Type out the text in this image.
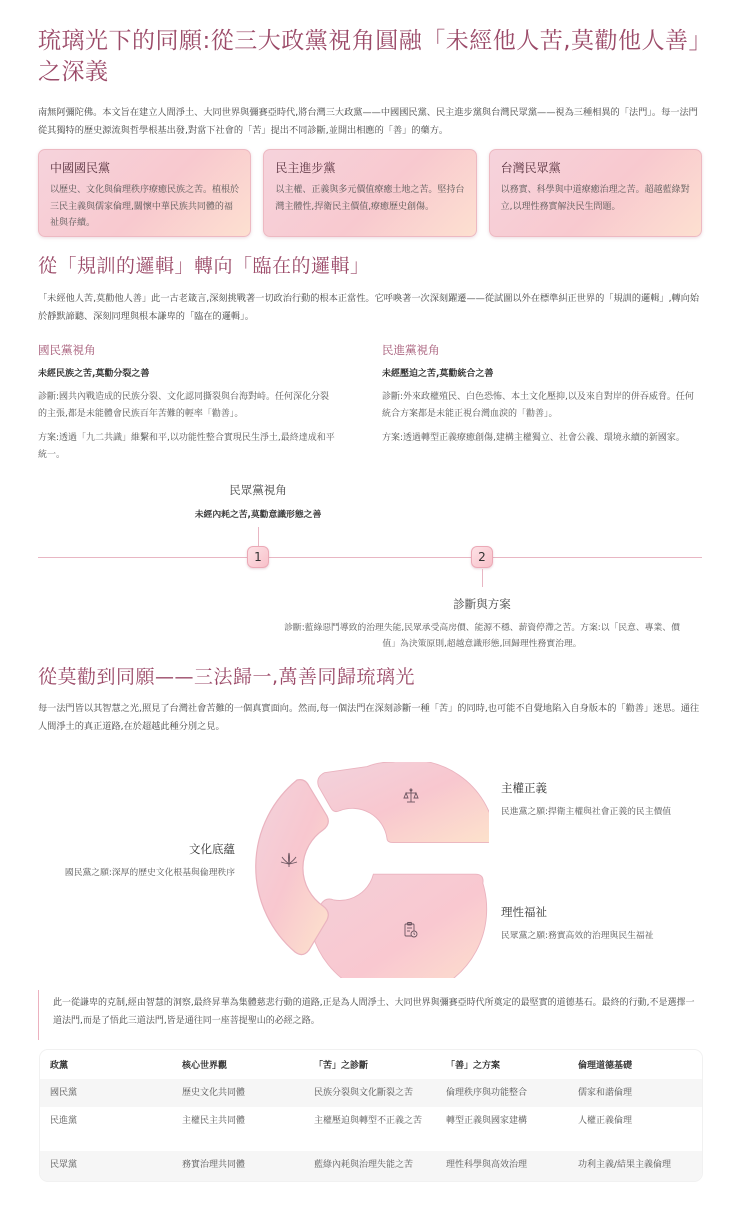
琉璃光下的同願:從三大政黨視角圓融「未經他人苦,莫勸他人善」之深義

南無阿彌陀佛。本文旨在建立人間淨土、大同世界與彌賽亞時代,將台灣三大政黨——中國國民黨、民主進步黨與台灣民眾黨——視為三種相異的「法門」。每一法門從其獨特的歷史源流與哲學根基出發,對當下社會的「苦」提出不同診斷,並開出相應的「善」的藥方。

中國國民黨
以歷史、文化與倫理秩序療癒民族之苦。植根於三民主義與儒家倫理,關懷中華民族共同體的福祉與存續。
民主進步黨
以主權、正義與多元價值療癒土地之苦。堅持台灣主體性,捍衛民主價值,療癒歷史創傷。
台灣民眾黨
以務實、科學與中道療癒治理之苦。超越藍綠對立,以理性務實解決民生問題。
從「規訓的邏輯」轉向「臨在的邏輯」

「未經他人苦,莫勸他人善」此一古老箴言,深刻挑戰著一切政治行動的根本正當性。它呼喚著一次深刻躍遷——從試圖以外在標準糾正世界的「規訓的邏輯」,轉向始於靜默諦聽、深刻同理與根本謙卑的「臨在的邏輯」。

國民黨視角
未經民族之苦,莫勸分裂之善
診斷:國共內戰造成的民族分裂、文化認同撕裂與台海對峙。任何深化分裂的主張,都是未能體會民族百年苦難的輕率「勸善」。
方案:透過「九二共識」維繫和平,以功能性整合實現民生淨土,最終達成和平統一。
民進黨視角
未經壓迫之苦,莫勸統合之善
診斷:外來政權殖民、白色恐怖、本土文化壓抑,以及來自對岸的併吞威脅。任何統合方案都是未能正視台灣血淚的「勸善」。
方案:透過轉型正義療癒創傷,建構主權獨立、社會公義、環境永續的新國家。
民眾黨視角
未經內耗之苦,莫勸意識形態之善
1	2
診斷與方案
診斷:藍綠惡鬥導致的治理失能,民眾承受高房價、能源不穩、薪資停滯之苦。方案:以「民意、專業、價值」為決策原則,超越意識形態,回歸理性務實治理。
從莫勸到同願——三法歸一,萬善同歸琉璃光

每一法門皆以其智慧之光,照見了台灣社會苦難的一個真實面向。然而,每一個法門在深刻診斷一種「苦」的同時,也可能不自覺地陷入自身版本的「勸善」迷思。通往人間淨土的真正道路,在於超越此種分別之見。

主權正義
民進黨之願:捍衛主權與社會正義的民主價值
理性福祉
民眾黨之願:務實高效的治理與民生福祉
文化底蘊
國民黨之願:深厚的歷史文化根基與倫理秩序
此一從謙卑的克制,經由智慧的洞察,最終昇華為集體慈悲行動的道路,正是為人間淨土、大同世界與彌賽亞時代所奠定的最堅實的道德基石。最終的行動,不是選擇一道法門,而是了悟此三道法門,皆是通往同一座菩提聖山的必經之路。
政黨	核心世界觀	「苦」之診斷	「善」之方案	倫理道德基礎
國民黨	歷史文化共同體	民族分裂與文化斷裂之苦	倫理秩序與功能整合	儒家和諧倫理
民進黨	主權民主共同體	主權壓迫與轉型不正義之苦	轉型正義與國家建構	人權正義倫理
民眾黨	務實治理共同體	藍綠內耗與治理失能之苦	理性科學與高效治理	功利主義/結果主義倫理
